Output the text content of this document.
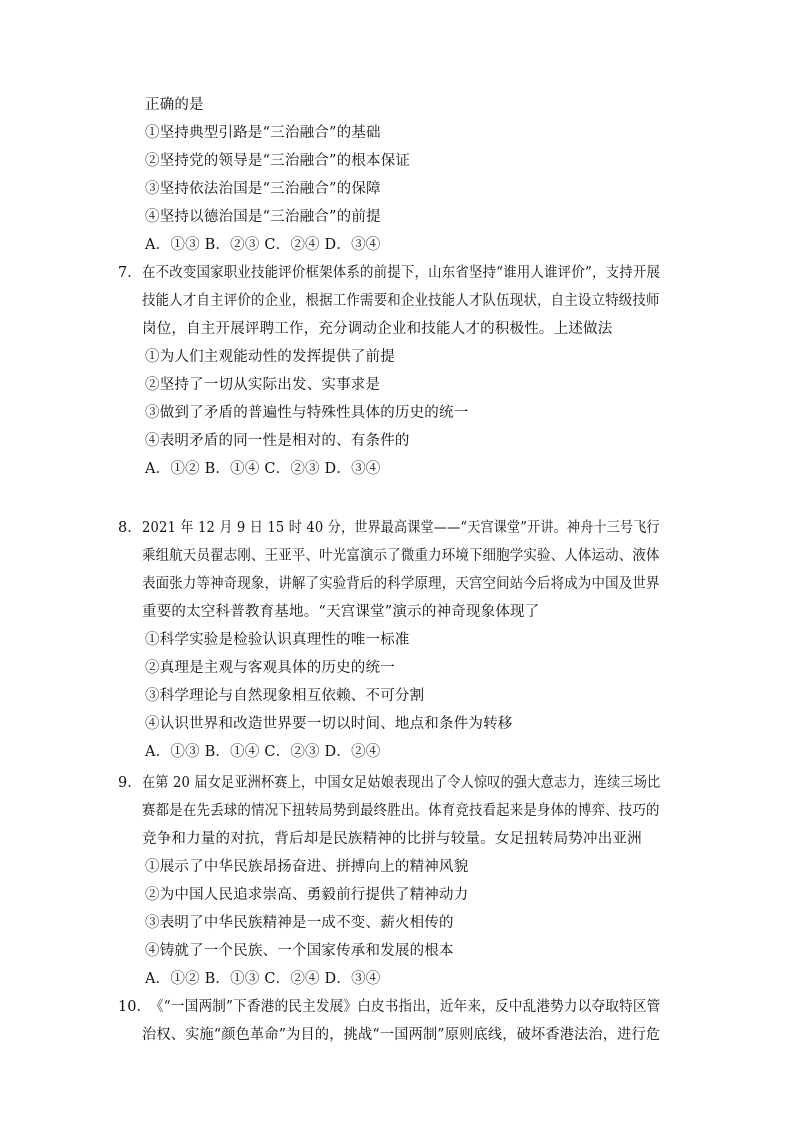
正确的是
①坚持典型引路是“三治融合”的基础
②坚持党的领导是“三治融合”的根本保证
③坚持依法治国是“三治融合”的保障
④坚持以德治国是“三治融合”的前提
A．①③ B．②③ C．②④ D．③④
7． 在不改变国家职业技能评价框架体系的前提下，山东省坚持“谁用人谁评价”，支持开展
技能人才自主评价的企业，根据工作需要和企业技能人才队伍现状，自主设立特级技师
岗位，自主开展评聘工作，充分调动企业和技能人才的积极性。上述做法
①为人们主观能动性的发挥提供了前提
②坚持了一切从实际出发、实事求是
③做到了矛盾的普遍性与特殊性具体的历史的统一
④表明矛盾的同一性是相对的、有条件的
A．①② B．①④ C．②③ D．③④
8． 2021 年 12 月 9 日 15 时 40 分，世界最高课堂——“天宫课堂”开讲。神舟十三号飞行
乘组航天员翟志刚、王亚平、叶光富演示了微重力环境下细胞学实验、人体运动、液体
表面张力等神奇现象，讲解了实验背后的科学原理，天宫空间站今后将成为中国及世界
重要的太空科普教育基地。“天宫课堂”演示的神奇现象体现了
①科学实验是检验认识真理性的唯一标准
②真理是主观与客观具体的历史的统一
③科学理论与自然现象相互依赖、不可分割
④认识世界和改造世界要一切以时间、地点和条件为转移
A．①③ B．①④ C．②③ D．②④
9． 在第 20 届女足亚洲杯赛上，中国女足姑娘表现出了令人惊叹的强大意志力，连续三场比
赛都是在先丢球的情况下扭转局势到最终胜出。体育竞技看起来是身体的博弈、技巧的
竞争和力量的对抗，背后却是民族精神的比拼与较量。女足扭转局势冲出亚洲
①展示了中华民族昂扬奋进、拼搏向上的精神风貌
②为中国人民追求崇高、勇毅前行提供了精神动力
③表明了中华民族精神是一成不变、薪火相传的
④铸就了一个民族、一个国家传承和发展的根本
A．①② B．①③ C．②④ D．③④
10． 《“一国两制”下香港的民主发展》白皮书指出，近年来，反中乱港势力以夺取特区管
治权、实施“颜色革命”为目的，挑战“一国两制”原则底线，破坏香港法治，进行危
